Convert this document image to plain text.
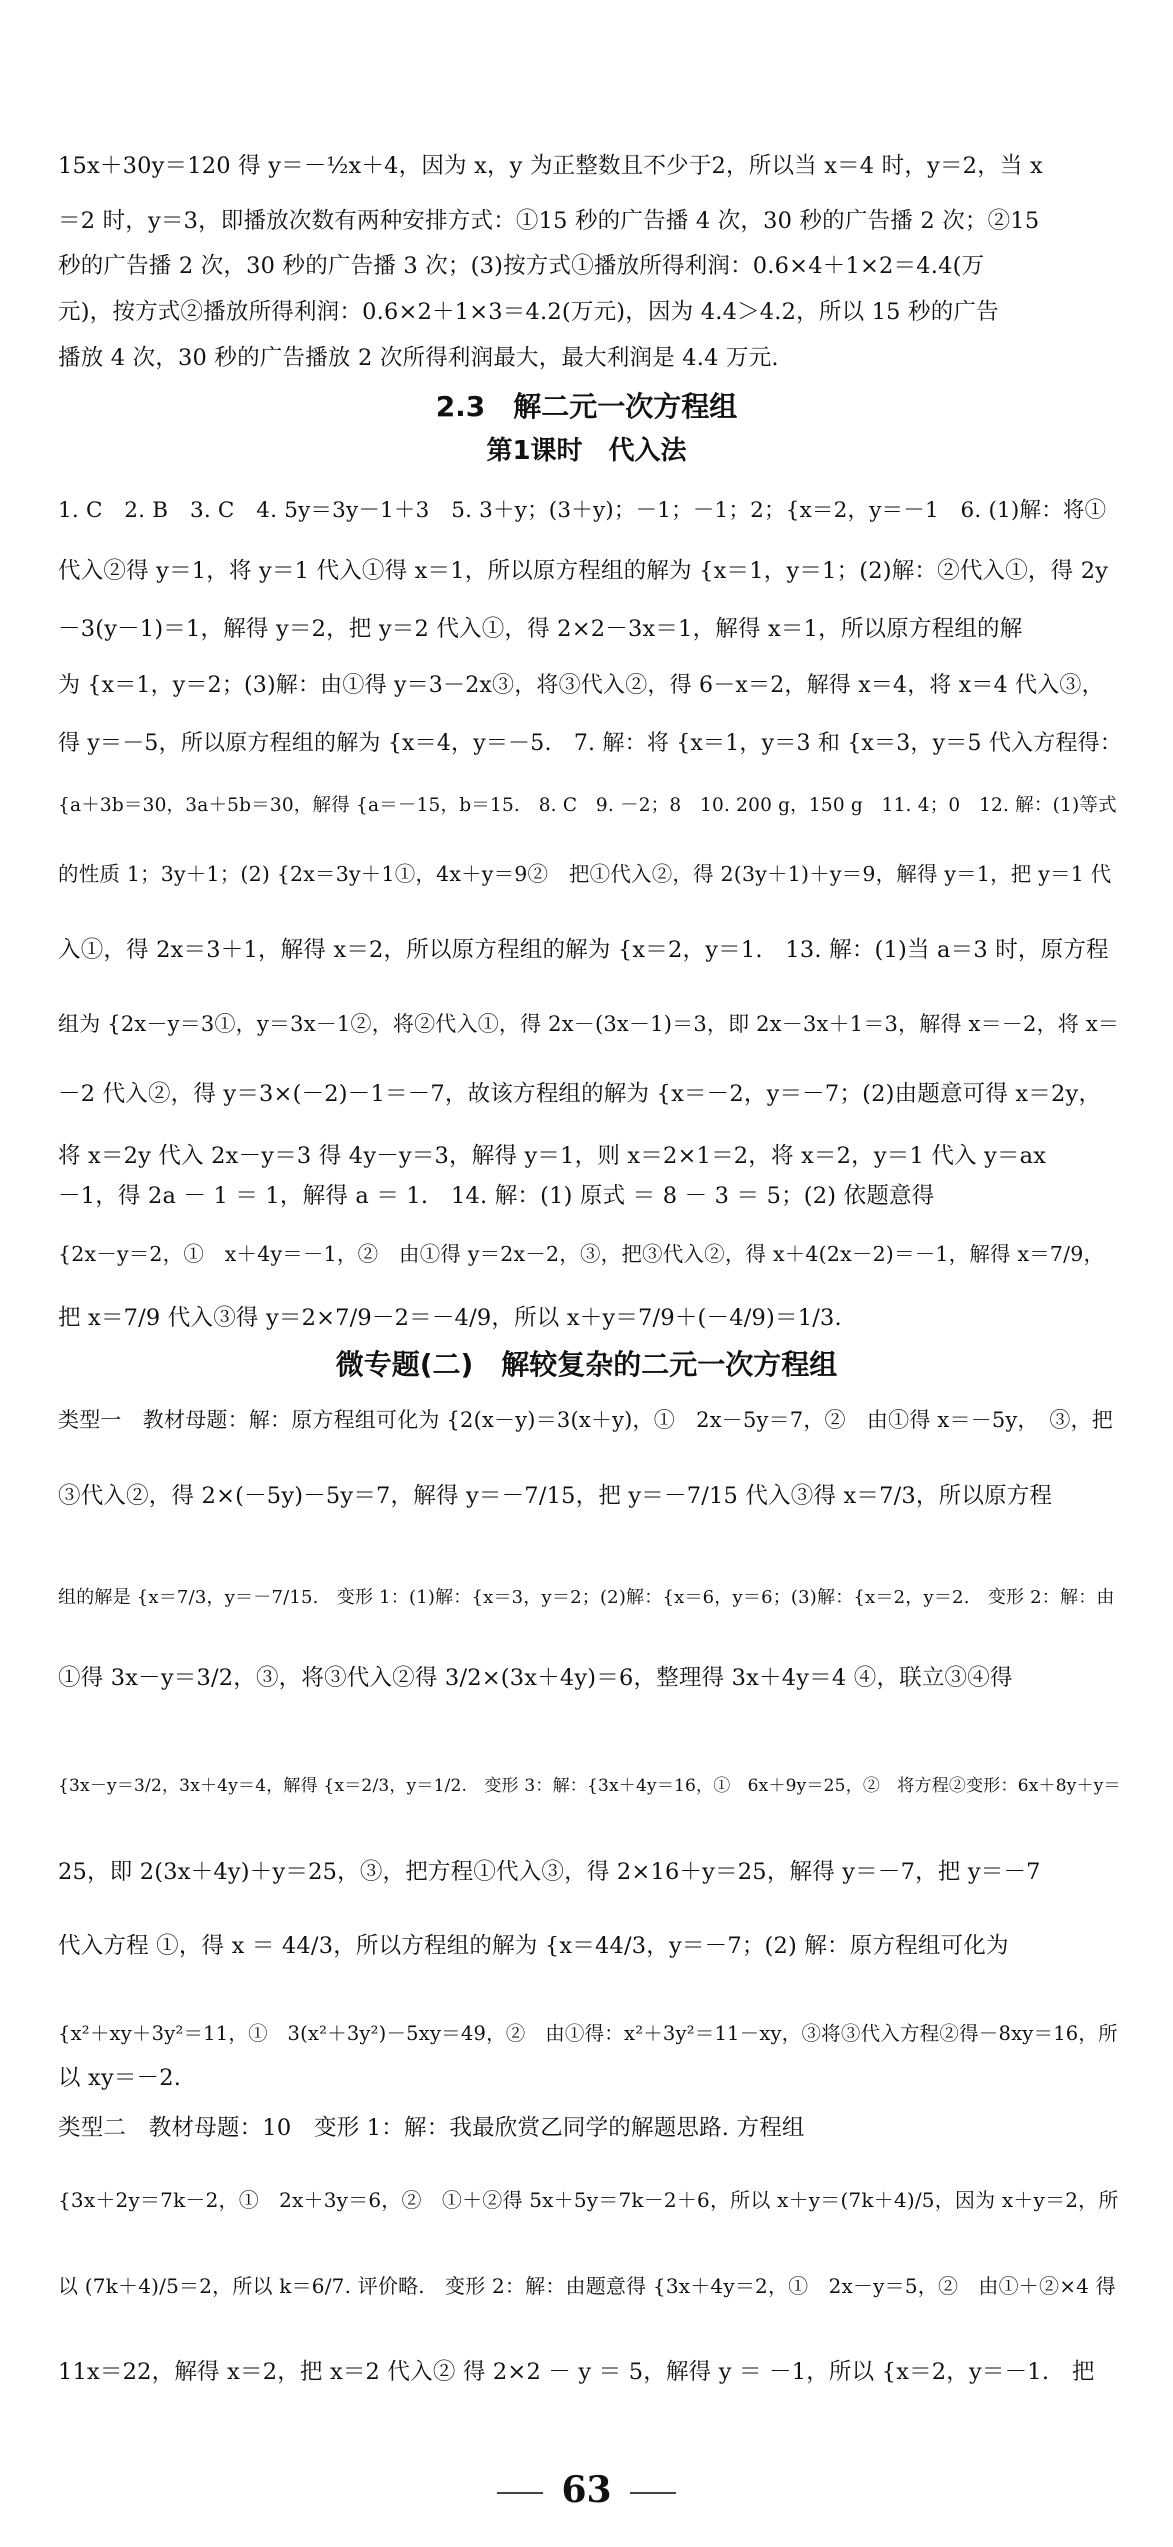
15x＋30y＝120 得 y＝－½x＋4，因为 x，y 为正整数且不少于2，所以当 x＝4 时，y＝2，当 x
＝2 时，y＝3，即播放次数有两种安排方式：①15 秒的广告播 4 次，30 秒的广告播 2 次；②15
秒的广告播 2 次，30 秒的广告播 3 次；(3)按方式①播放所得利润：0.6×4＋1×2＝4.4(万
元)，按方式②播放所得利润：0.6×2＋1×3＝4.2(万元)，因为 4.4＞4.2，所以 15 秒的广告
播放 4 次，30 秒的广告播放 2 次所得利润最大，最大利润是 4.4 万元.
2.3　解二元一次方程组
第1课时　代入法
1. C　2. B　3. C　4. 5y＝3y－1＋3　5. 3＋y；(3＋y)；－1；－1；2；{x＝2，y＝－1　6. (1)解：将①
代入②得 y＝1，将 y＝1 代入①得 x＝1，所以原方程组的解为 {x＝1，y＝1；(2)解：②代入①，得 2y
－3(y－1)＝1，解得 y＝2，把 y＝2 代入①，得 2×2－3x＝1，解得 x＝1，所以原方程组的解
为 {x＝1，y＝2；(3)解：由①得 y＝3－2x③，将③代入②，得 6－x＝2，解得 x＝4，将 x＝4 代入③，
得 y＝－5，所以原方程组的解为 {x＝4，y＝－5.　7. 解：将 {x＝1，y＝3 和 {x＝3，y＝5 代入方程得：
{a＋3b＝30，3a＋5b＝30，解得 {a＝－15，b＝15.　8. C　9. －2；8　10. 200 g，150 g　11. 4；0　12. 解：(1)等式
的性质 1；3y＋1；(2) {2x＝3y＋1①，4x＋y＝9②　把①代入②，得 2(3y＋1)＋y＝9，解得 y＝1，把 y＝1 代
入①，得 2x＝3＋1，解得 x＝2，所以原方程组的解为 {x＝2，y＝1.　13. 解：(1)当 a＝3 时，原方程
组为 {2x－y＝3①，y＝3x－1②，将②代入①，得 2x－(3x－1)＝3，即 2x－3x＋1＝3，解得 x＝－2，将 x＝
－2 代入②，得 y＝3×(－2)－1＝－7，故该方程组的解为 {x＝－2，y＝－7；(2)由题意可得 x＝2y，
将 x＝2y 代入 2x－y＝3 得 4y－y＝3，解得 y＝1，则 x＝2×1＝2，将 x＝2，y＝1 代入 y＝ax
－1，得 2a － 1 ＝ 1，解得 a ＝ 1.　14. 解：(1) 原式 ＝ 8 － 3 ＝ 5；(2) 依题意得
{2x－y＝2，①　x＋4y＝－1，②　由①得 y＝2x－2，③，把③代入②，得 x＋4(2x－2)＝－1，解得 x＝7/9，
把 x＝7/9 代入③得 y＝2×7/9－2＝－4/9，所以 x＋y＝7/9＋(－4/9)＝1/3.
微专题(二)　解较复杂的二元一次方程组
类型一　教材母题：解：原方程组可化为 {2(x－y)＝3(x＋y)，①　2x－5y＝7，②　由①得 x＝－5y，　③，把
③代入②，得 2×(－5y)－5y＝7，解得 y＝－7/15，把 y＝－7/15 代入③得 x＝7/3，所以原方程
组的解是 {x＝7/3，y＝－7/15.　变形 1：(1)解：{x＝3，y＝2；(2)解：{x＝6，y＝6；(3)解：{x＝2，y＝2.　变形 2：解：由
①得 3x－y＝3/2，③，将③代入②得 3/2×(3x＋4y)＝6，整理得 3x＋4y＝4 ④，联立③④得
{3x－y＝3/2，3x＋4y＝4，解得 {x＝2/3，y＝1/2.　变形 3：解：{3x＋4y＝16，①　6x＋9y＝25，②　将方程②变形：6x＋8y＋y＝
25，即 2(3x＋4y)＋y＝25，③，把方程①代入③，得 2×16＋y＝25，解得 y＝－7，把 y＝－7
代入方程 ①，得 x ＝ 44/3，所以方程组的解为 {x＝44/3，y＝－7；(2) 解：原方程组可化为
{x²＋xy＋3y²＝11，①　3(x²＋3y²)－5xy＝49，②　由①得：x²＋3y²＝11－xy，③将③代入方程②得－8xy＝16，所
以 xy＝－2.
类型二　教材母题：10　变形 1：解：我最欣赏乙同学的解题思路. 方程组
{3x＋2y＝7k－2，①　2x＋3y＝6，②　①＋②得 5x＋5y＝7k－2＋6，所以 x＋y＝(7k＋4)/5，因为 x＋y＝2，所
以 (7k＋4)/5＝2，所以 k＝6/7. 评价略.　变形 2：解：由题意得 {3x＋4y＝2，①　2x－y＝5，②　由①＋②×4 得
11x＝22，解得 x＝2，把 x＝2 代入② 得 2×2 － y ＝ 5，解得 y ＝ －1，所以 {x＝2，y＝－1.　把
63
